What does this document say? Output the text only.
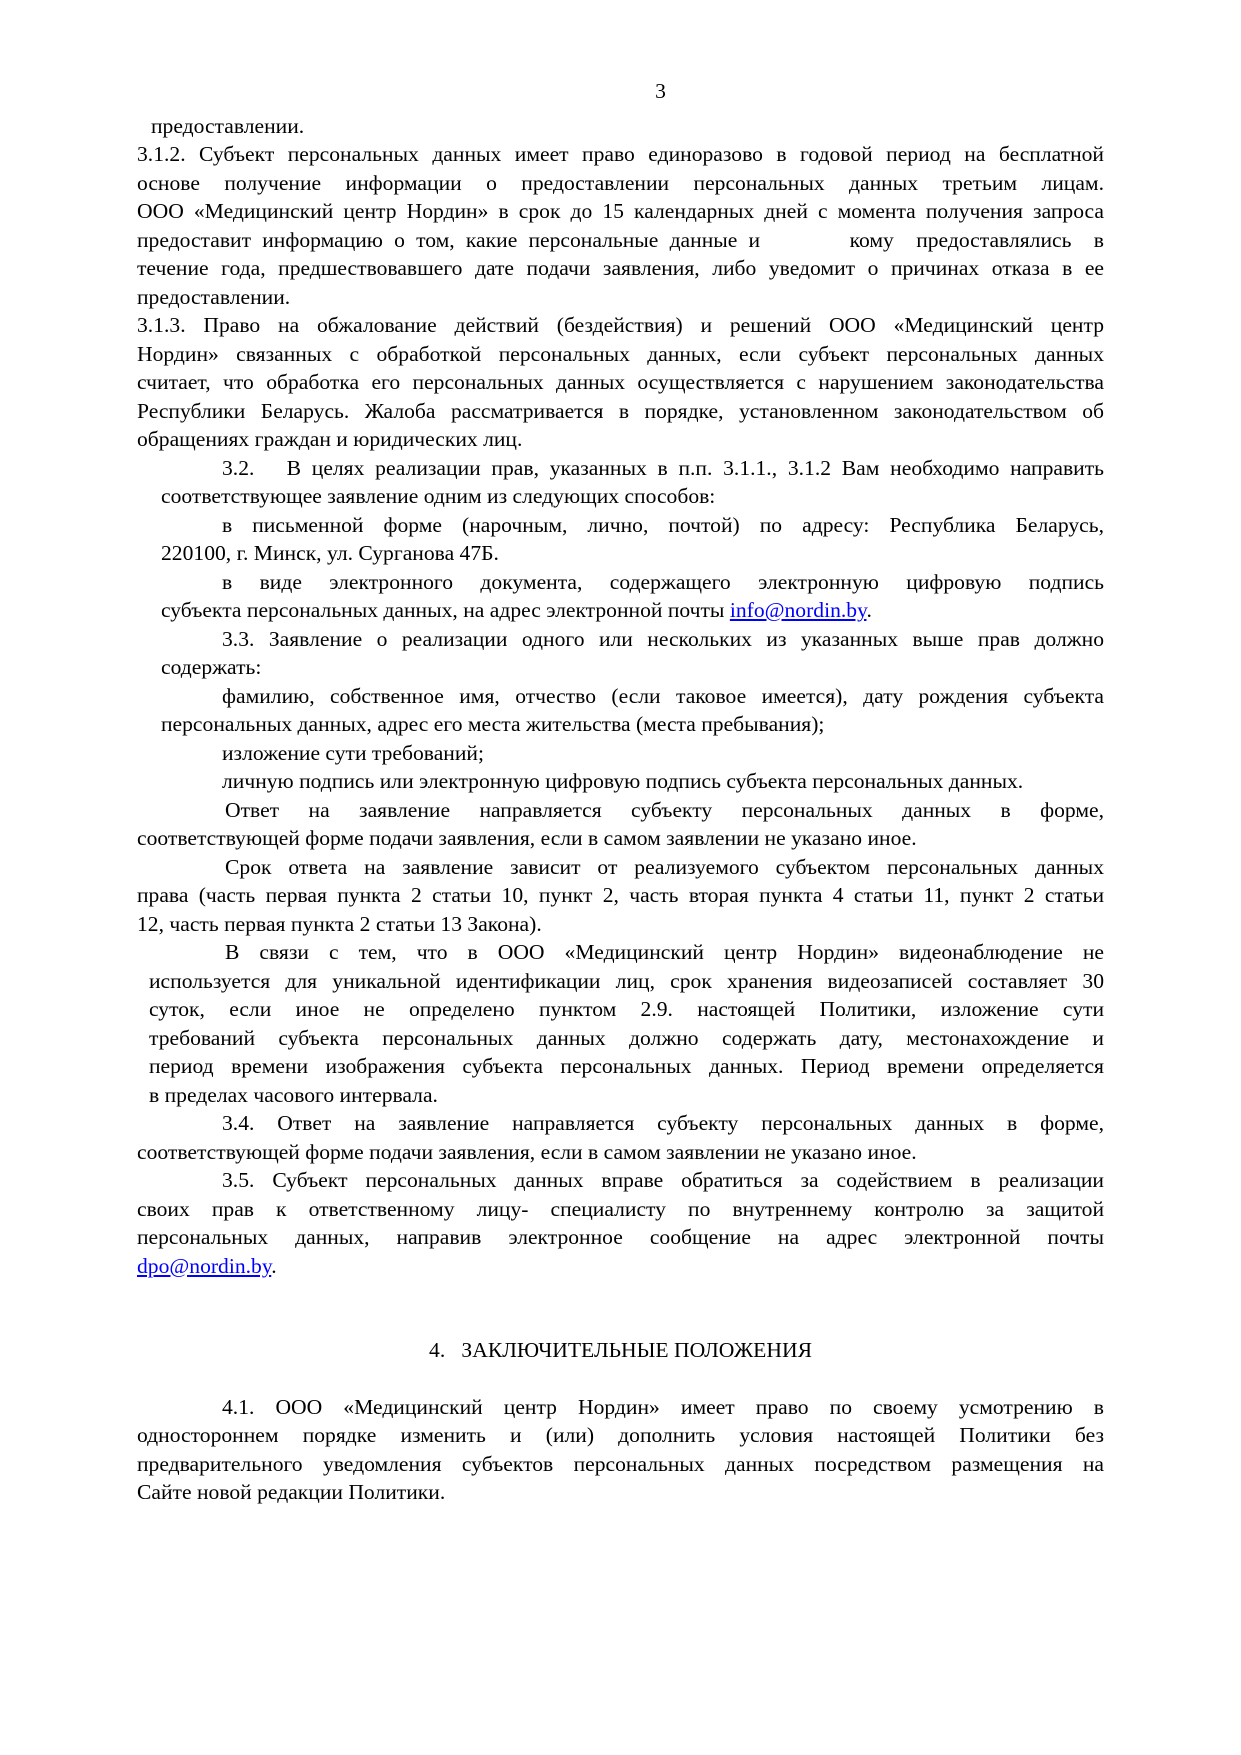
3
предоставлении.
3.1.2. Субъект персональных данных имеет право единоразово в годовой период на бесплатной
основе получение информации о предоставлении персональных данных третьим лицам.
ООО «Медицинский центр Нордин» в срок до 15 календарных дней с момента получения запроса
предоставит информацию о том, какие персональные данные и        кому  предоставлялись  в
течение года, предшествовавшего дате подачи заявления, либо уведомит о причинах отказа в ее
предоставлении.
3.1.3. Право на обжалование действий (бездействия) и решений ООО «Медицинский центр
Нордин» связанных с обработкой персональных данных, если субъект персональных данных
считает, что обработка его персональных данных осуществляется с нарушением законодательства
Республики Беларусь. Жалоба рассматривается в порядке, установленном законодательством об
обращениях граждан и юридических лиц.
3.2.   В целях реализации прав, указанных в п.п. 3.1.1., 3.1.2 Вам необходимо направить
соответствующее заявление одним из следующих способов:
в письменной форме (нарочным, лично, почтой) по адресу: Республика Беларусь,
220100, г. Минск, ул. Сурганова 47Б.
в виде электронного документа, содержащего электронную цифровую подпись
субъекта персональных данных, на адрес электронной почты info@nordin.by.
3.3. Заявление о реализации одного или нескольких из указанных выше прав должно
содержать:
фамилию, собственное имя, отчество (если таковое имеется), дату рождения субъекта
персональных данных, адрес его места жительства (места пребывания);
изложение сути требований;
личную подпись или электронную цифровую подпись субъекта персональных данных.
Ответ на заявление направляется субъекту персональных данных в форме,
соответствующей форме подачи заявления, если в самом заявлении не указано иное.
Срок ответа на заявление зависит от реализуемого субъектом персональных данных
права (часть первая пункта 2 статьи 10, пункт 2, часть вторая пункта 4 статьи 11, пункт 2 статьи
12, часть первая пункта 2 статьи 13 Закона).
В связи с тем, что в ООО «Медицинский центр Нордин» видеонаблюдение не
используется для уникальной идентификации лиц, срок хранения видеозаписей составляет 30
суток, если иное не определено пунктом 2.9. настоящей Политики, изложение сути
требований субъекта персональных данных должно содержать дату, местонахождение и
период времени изображения субъекта персональных данных. Период времени определяется
в пределах часового интервала.
3.4. Ответ на заявление направляется субъекту персональных данных в форме,
соответствующей форме подачи заявления, если в самом заявлении не указано иное.
3.5. Субъект персональных данных вправе обратиться за содействием в реализации
своих прав к ответственному лицу- специалисту по внутреннему контролю за защитой
персональных данных, направив электронное сообщение на адрес электронной почты
dpo@nordin.by.
4.   ЗАКЛЮЧИТЕЛЬНЫЕ ПОЛОЖЕНИЯ
4.1. ООО «Медицинский центр Нордин» имеет право по своему усмотрению в
одностороннем порядке изменить и (или) дополнить условия настоящей Политики без
предварительного уведомления субъектов персональных данных посредством размещения на
Сайте новой редакции Политики.
